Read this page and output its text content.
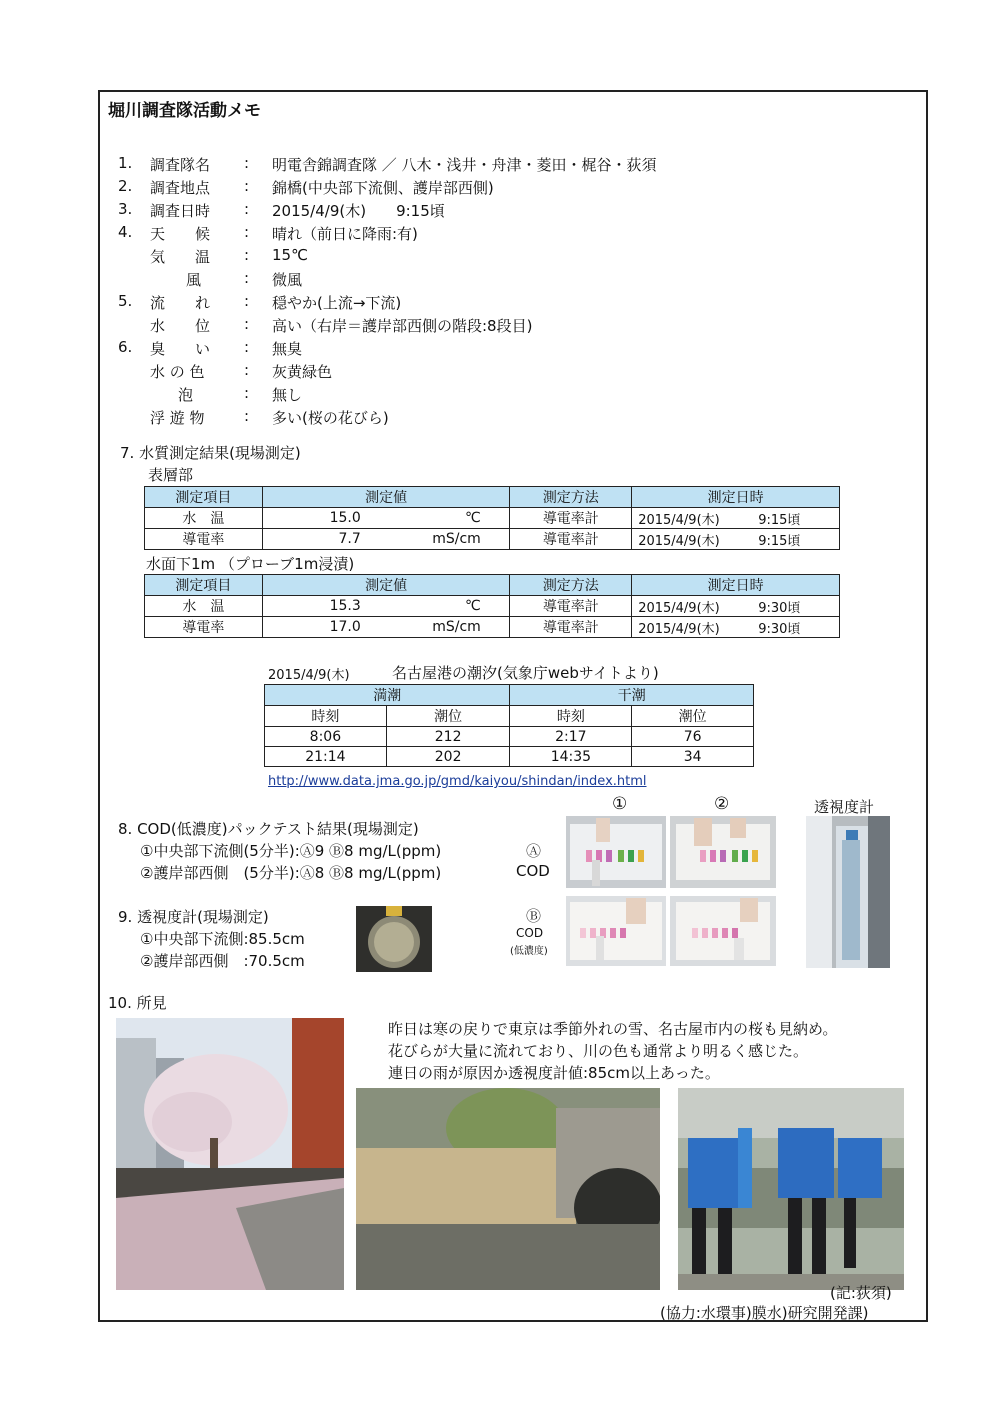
堀川調査隊活動メモ
1. 調査隊名 : 明電舎錦調査隊 ／ 八木・浅井・舟津・菱田・梶谷・荻須
2. 調査地点 : 錦橋(中央部下流側、護岸部西側)
3. 調査日時 : 2015/4/9(木)　　9:15頃
4. 天　　候 : 晴れ（前日に降雨:有)
気　　温 : 15℃
風	: 微風
5. 流　　れ : 穏やか(上流→下流)
水　　位 : 高い（右岸＝護岸部西側の階段:8段目)
6. 臭　　い : 無臭
水 の 色	: 灰黄緑色
泡	: 無し
浮 遊 物	: 多い(桜の花びら)
7. 水質測定結果(現場測定)
表層部
測定項目	測定値	測定方法	測定日時
水　温	15.0 ℃	導電率計	2015/4/9(木) 9:15頃
導電率	7.7 mS/cm	導電率計	2015/4/9(木) 9:15頃
水面下1m （プローブ1m浸漬)
測定項目	測定値	測定方法	測定日時
水　温	15.3 ℃	導電率計	2015/4/9(木) 9:30頃
導電率	17.0 mS/cm	導電率計	2015/4/9(木) 9:30頃
2015/4/9(木)	名古屋港の潮汐(気象庁webサイトより)
満潮		干潮	
時刻	潮位	時刻	潮位
8:06	212	2:17	76
21:14	202	14:35	34
http://www.data.jma.go.jp/gmd/kaiyou/shindan/index.html
8. COD(低濃度)パックテスト結果(現場測定)
①中央部下流側(5分半):Ⓐ9 Ⓑ8 mg/L(ppm)
②護岸部西側　(5分半):Ⓐ8 Ⓑ8 mg/L(ppm)
Ⓐ
COD
Ⓑ
COD
(低濃度)
①	②	透視度計
9. 透視度計(現場測定)
①中央部下流側:85.5cm
②護岸部西側　:70.5cm
10. 所見
昨日は寒の戻りで東京は季節外れの雪、名古屋市内の桜も見納め。
花びらが大量に流れており、川の色も通常より明るく感じた。
連日の雨が原因か透視度計値:85cm以上あった。
(記:荻須)
(協力:水環事)膜水)研究開発課)
